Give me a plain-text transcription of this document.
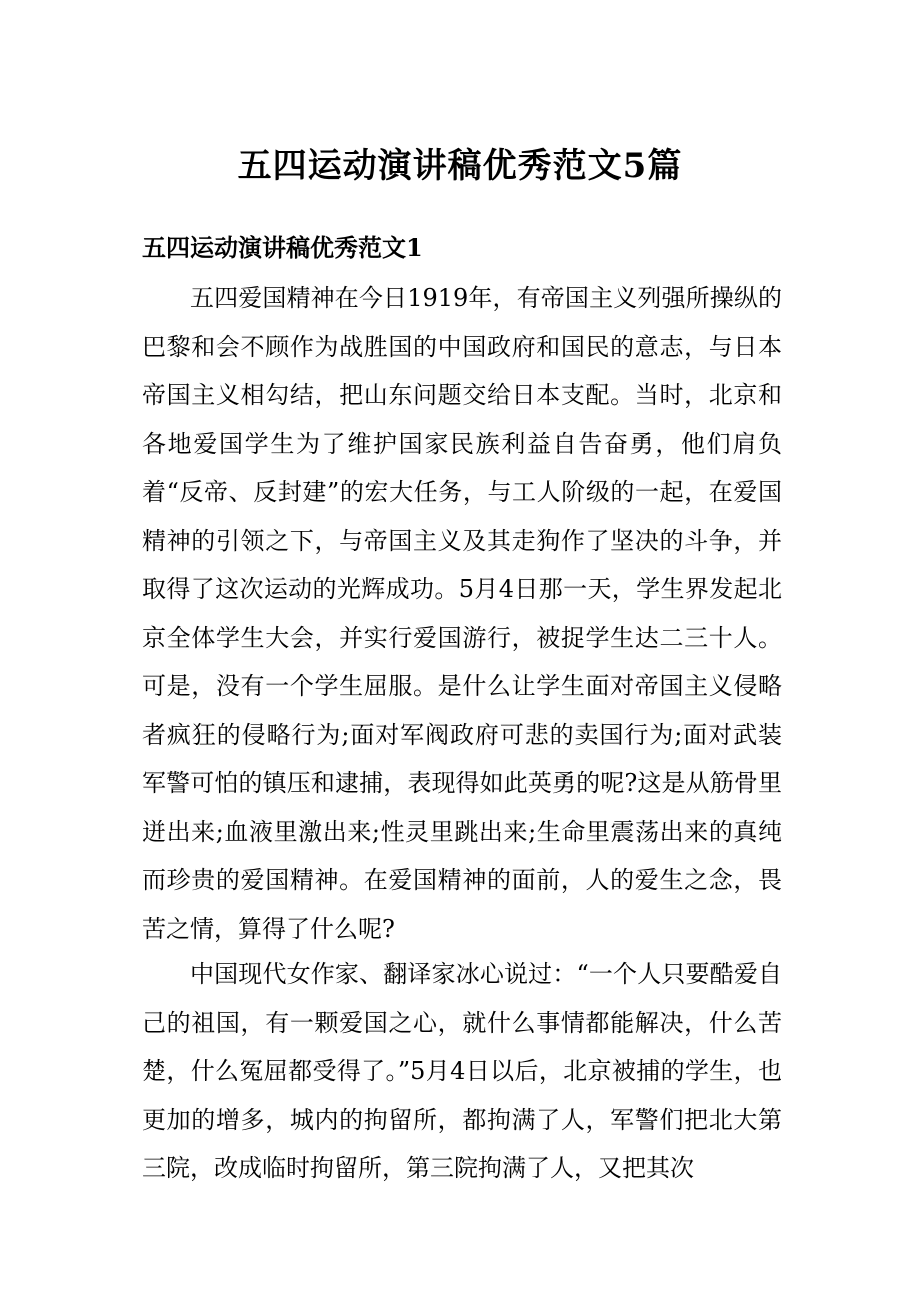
五四运动演讲稿优秀范文5篇
五四运动演讲稿优秀范文1

五四爱国精神在今日1919年，有帝国主义列强所操纵的巴黎和会不顾作为战胜国的中国政府和国民的意志，与日本帝国主义相勾结，把山东问题交给日本支配。当时，北京和各地爱国学生为了维护国家民族利益自告奋勇，他们肩负着“反帝、反封建”的宏大任务，与工人阶级的一起，在爱国精神的引领之下，与帝国主义及其走狗作了坚决的斗争，并取得了这次运动的光辉成功。5月4日那一天，学生界发起北京全体学生大会，并实行爱国游行，被捉学生达二三十人。可是，没有一个学生屈服。是什么让学生面对帝国主义侵略者疯狂的侵略行为;面对军阀政府可悲的卖国行为;面对武装军警可怕的镇压和逮捕，表现得如此英勇的呢?这是从筋骨里迸出来;血液里激出来;性灵里跳出来;生命里震荡出来的真纯而珍贵的爱国精神。在爱国精神的面前，人的爱生之念，畏苦之情，算得了什么呢?

中国现代女作家、翻译家冰心说过：“一个人只要酷爱自己的祖国，有一颗爱国之心，就什么事情都能解决，什么苦楚，什么冤屈都受得了。”5月4日以后，北京被捕的学生，也更加的增多，城内的拘留所，都拘满了人，军警们把北大第三院，改成临时拘留所，第三院拘满了人，又把其次
